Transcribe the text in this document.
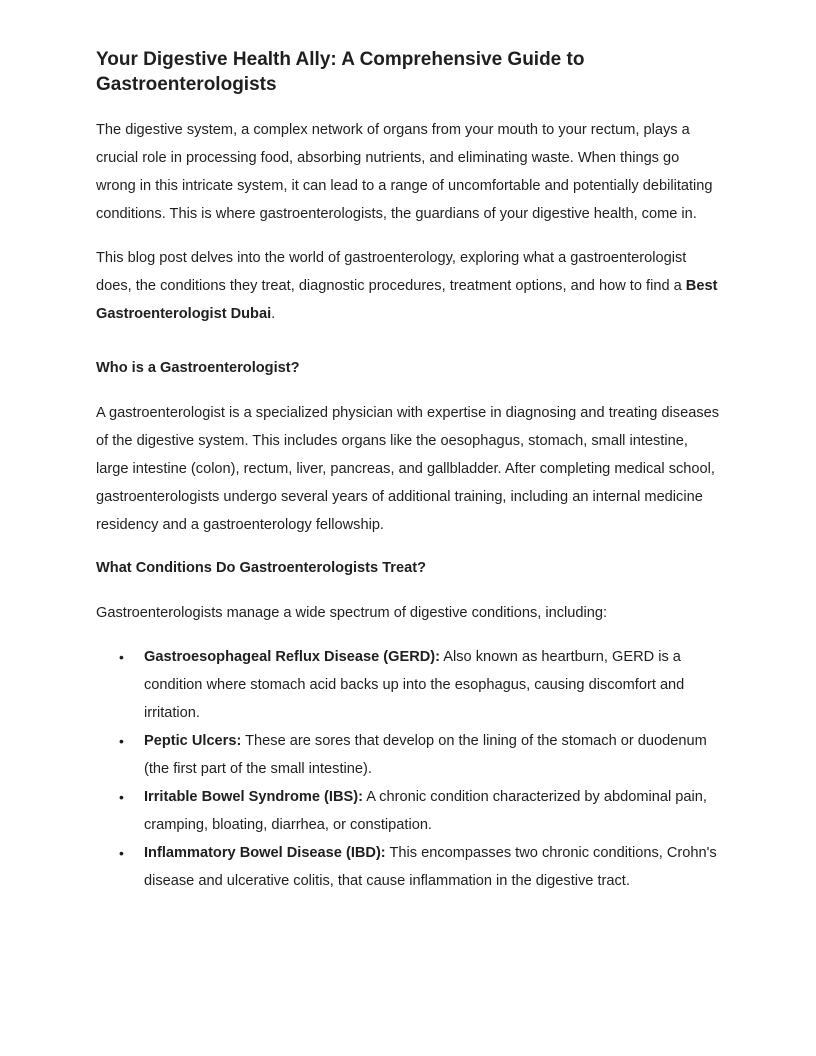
Your Digestive Health Ally: A Comprehensive Guide to Gastroenterologists

The digestive system, a complex network of organs from your mouth to your rectum, plays a crucial role in processing food, absorbing nutrients, and eliminating waste. When things go wrong in this intricate system, it can lead to a range of uncomfortable and potentially debilitating conditions. This is where gastroenterologists, the guardians of your digestive health, come in.

This blog post delves into the world of gastroenterology, exploring what a gastroenterologist does, the conditions they treat, diagnostic procedures, treatment options, and how to find a Best Gastroenterologist Dubai.

Who is a Gastroenterologist?

A gastroenterologist is a specialized physician with expertise in diagnosing and treating diseases of the digestive system. This includes organs like the oesophagus, stomach, small intestine, large intestine (colon), rectum, liver, pancreas, and gallbladder. After completing medical school, gastroenterologists undergo several years of additional training, including an internal medicine residency and a gastroenterology fellowship.

What Conditions Do Gastroenterologists Treat?

Gastroenterologists manage a wide spectrum of digestive conditions, including:

• Gastroesophageal Reflux Disease (GERD): Also known as heartburn, GERD is a condition where stomach acid backs up into the esophagus, causing discomfort and irritation.
• Peptic Ulcers: These are sores that develop on the lining of the stomach or duodenum (the first part of the small intestine).
• Irritable Bowel Syndrome (IBS): A chronic condition characterized by abdominal pain, cramping, bloating, diarrhea, or constipation.
• Inflammatory Bowel Disease (IBD): This encompasses two chronic conditions, Crohn's disease and ulcerative colitis, that cause inflammation in the digestive tract.
